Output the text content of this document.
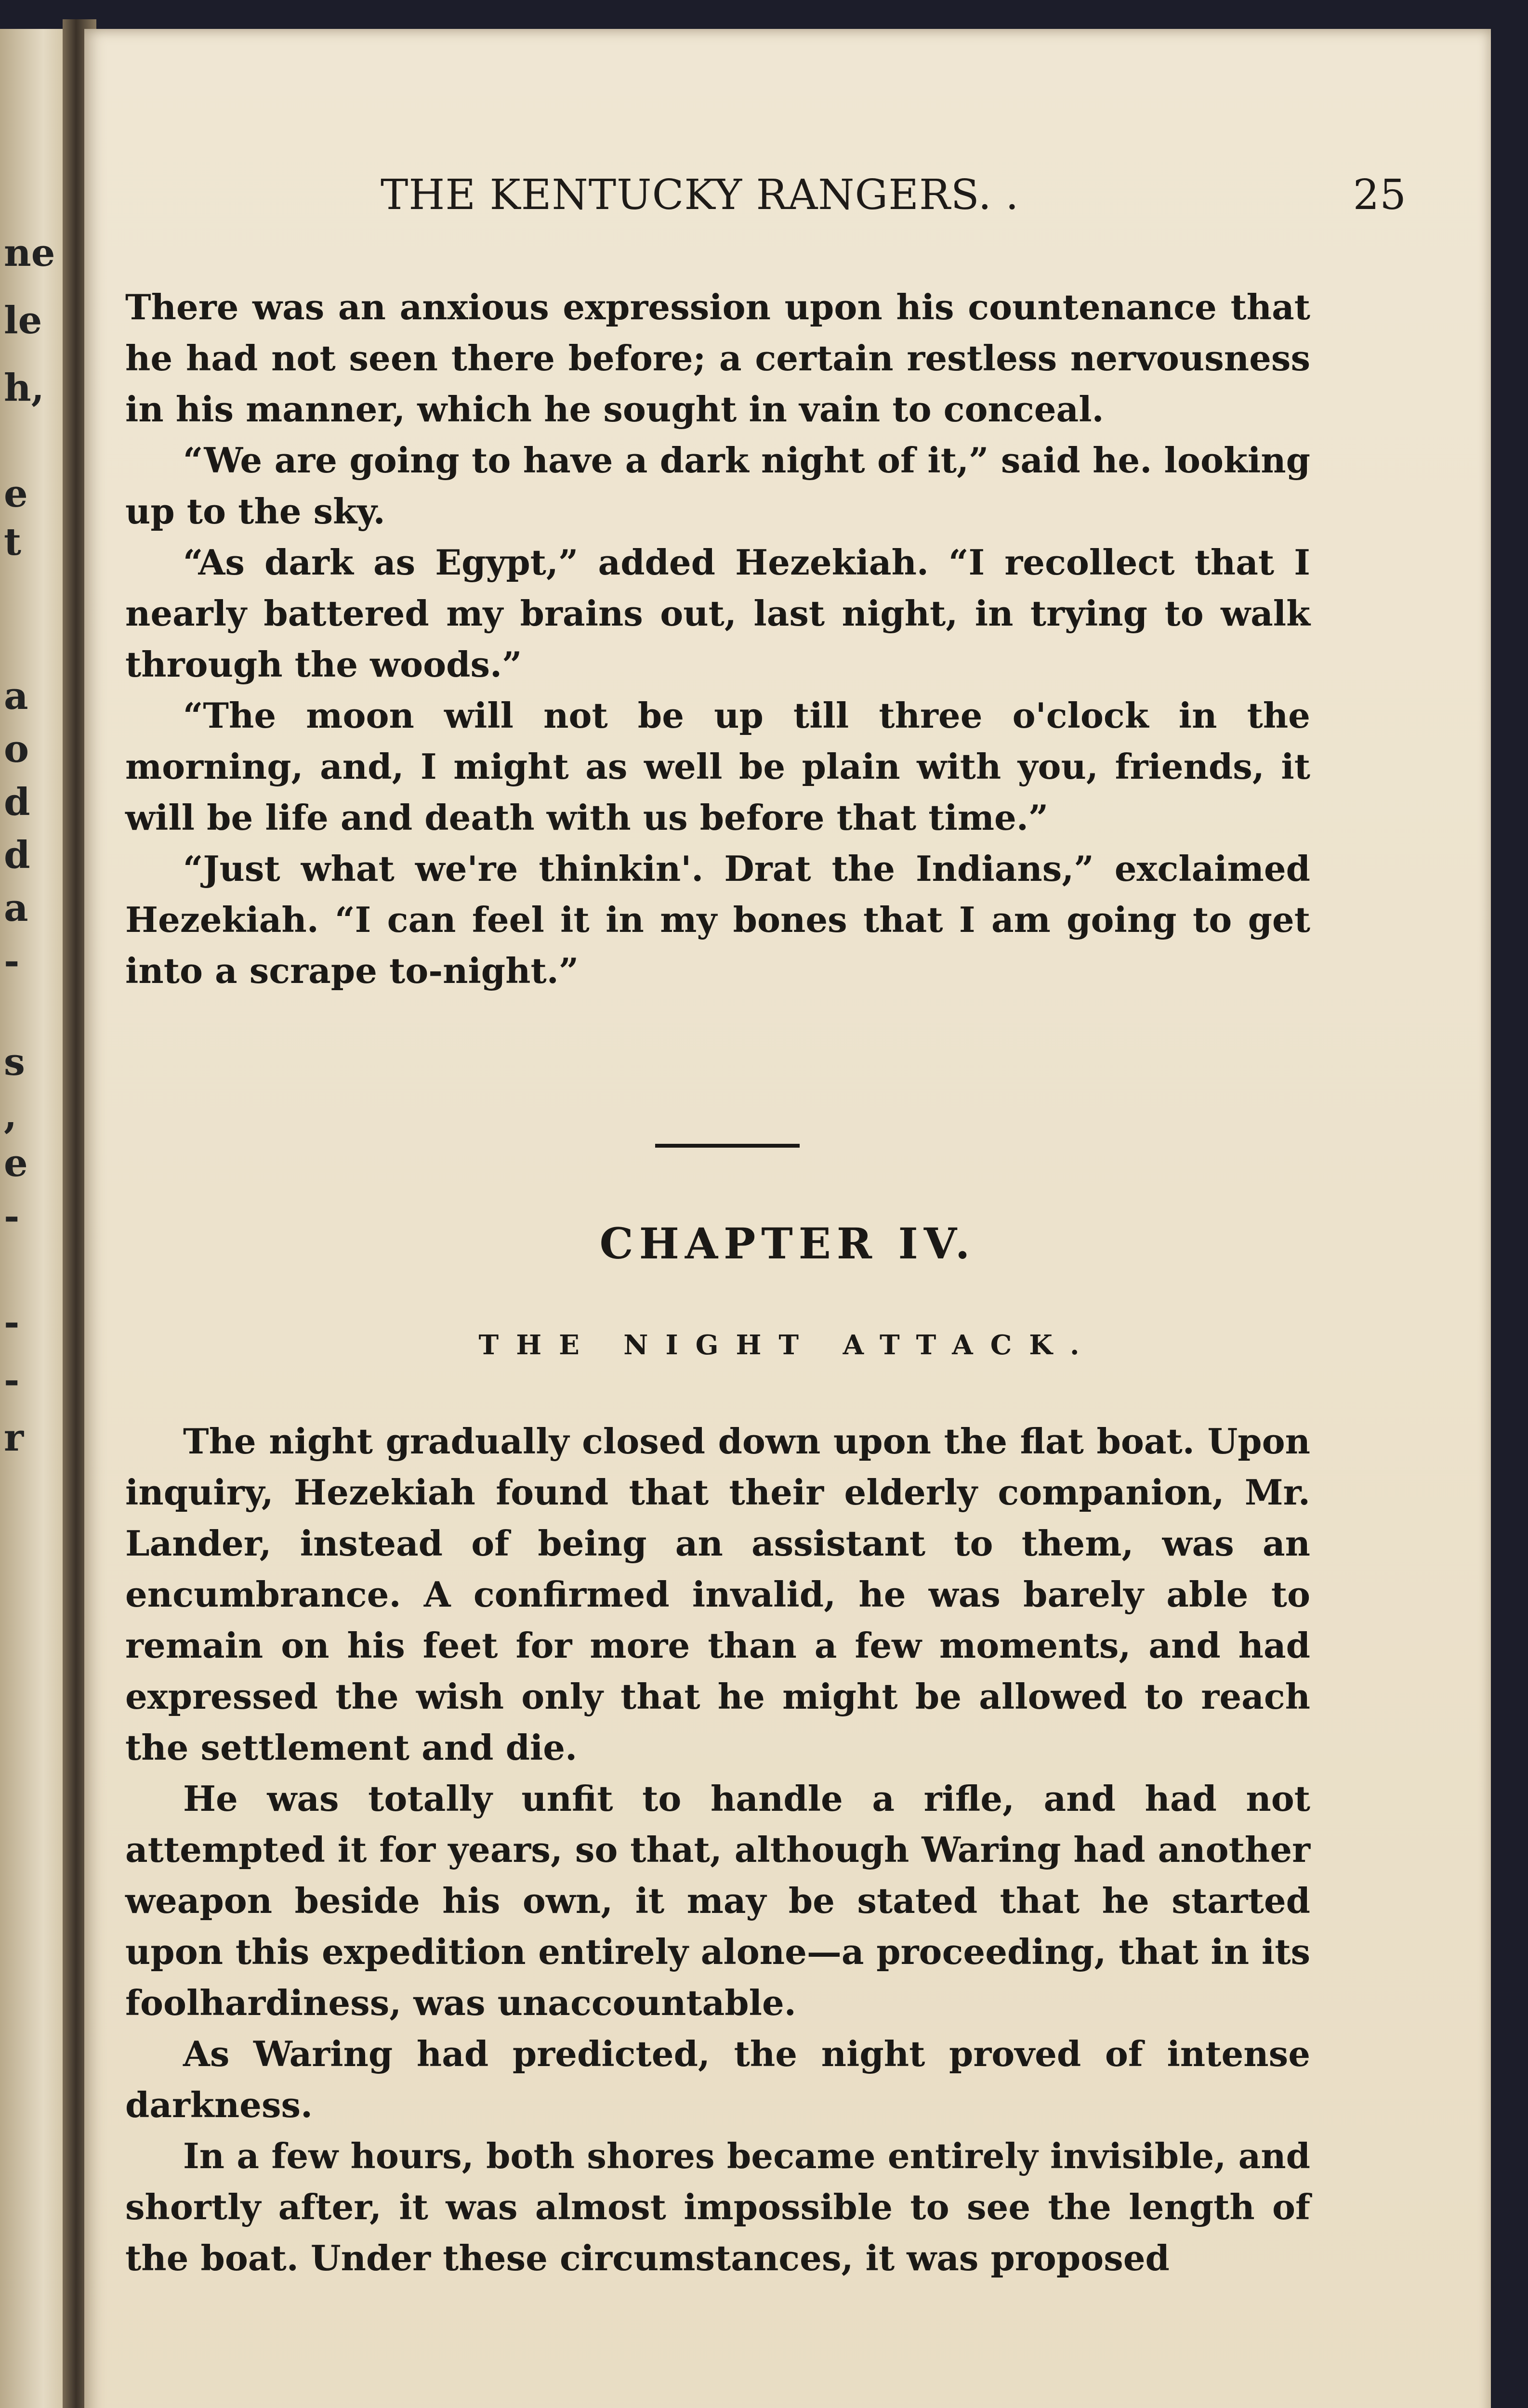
ne
le
h,
e
t
a
o
d
d
a
-
s
,
e
-
-
-
r
THE KENTUCKY RANGERS. .	25

There was an anxious expression upon his countenance that he had not seen there before; a certain restless nervousness in his manner, which he sought in vain to conceal.

“We are going to have a dark night of it,” said he. looking up to the sky.

“As dark as Egypt,” added Hezekiah. “I recollect that I nearly battered my brains out, last night, in trying to walk through the woods.”

“The moon will not be up till three o'clock in the morning, and, I might as well be plain with you, friends, it will be life and death with us before that time.”

“Just what we're thinkin'. Drat the Indians,” exclaimed Hezekiah. “I can feel it in my bones that I am going to get into a scrape to-night.”

CHAPTER IV.
THE NIGHT ATTACK.

The night gradually closed down upon the flat boat. Upon inquiry, Hezekiah found that their elderly companion, Mr. Lander, instead of being an assistant to them, was an encumbrance. A confirmed invalid, he was barely able to remain on his feet for more than a few moments, and had expressed the wish only that he might be allowed to reach the settlement and die.

He was totally unfit to handle a rifle, and had not attempted it for years, so that, although Waring had another weapon beside his own, it may be stated that he started upon this expedition entirely alone—a proceeding, that in its foolhardiness, was unaccountable.

As Waring had predicted, the night proved of intense darkness.

In a few hours, both shores became entirely invisible, and shortly after, it was almost impossible to see the length of the boat. Under these circumstances, it was proposed
